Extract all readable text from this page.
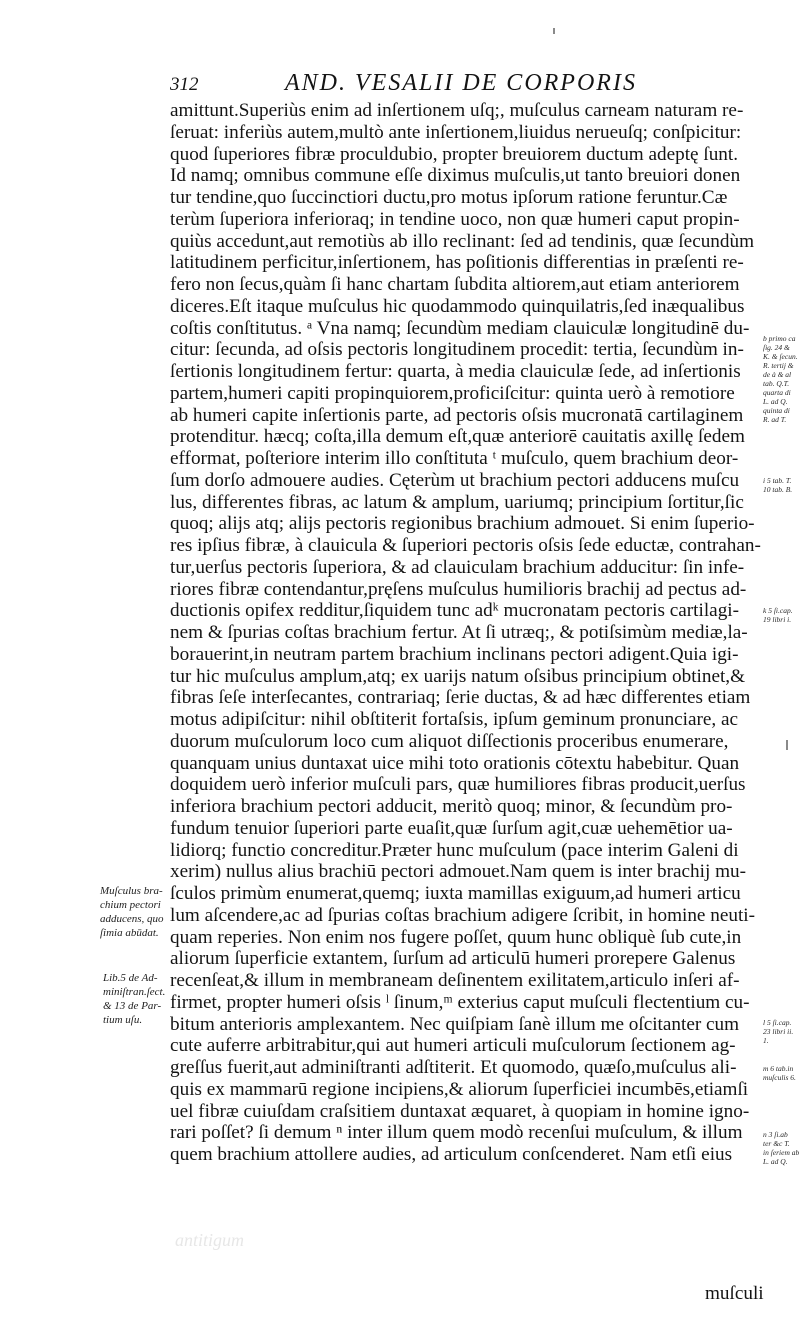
312	AND. VESALII DE CORPORIS
amittunt.Superiùs enim ad inſertionem uſq;, muſculus carneam naturam re-
ſeruat: inferiùs autem,multò ante inſertionem,liuidus nerueuſq; conſpicitur:
quod ſuperiores fibræ proculdubio, propter breuiorem ductum adeptę ſunt.
Id namq; omnibus commune eſſe diximus muſculis,ut tanto breuiori donen
tur tendine,quo ſuccinctiori ductu,pro motus ipſorum ratione feruntur.Cæ
terùm ſuperiora inferioraq; in tendine uoco, non quæ humeri caput propin-
quiùs accedunt,aut remotiùs ab illo reclinant: ſed ad tendinis, quæ ſecundùm
latitudinem perficitur,inſertionem, has poſitionis differentias in præſenti re-
fero non ſecus,quàm ſi hanc chartam ſubdita altiorem,aut etiam anteriorem
diceres.Eſt itaque muſculus hic quodammodo quinquilatris,ſed inæqualibus
coſtis conſtitutus. ᵃ Vna namq; ſecundùm mediam clauiculæ longitudinē du-
citur: ſecunda, ad oſsis pectoris longitudinem procedit: tertia, ſecundùm in-
ſertionis longitudinem fertur: quarta, à media clauiculæ ſede, ad inſertionis
partem,humeri capiti propinquiorem,proficiſcitur: quinta uerò à remotiore
ab humeri capite inſertionis parte, ad pectoris oſsis mucronatā cartilaginem
protenditur. hæcq; coſta,illa demum eſt,quæ anteriorē cauitatis axillę ſedem
efformat, poſteriore interim illo conſtituta ᵗ muſculo, quem brachium deor-
ſum dorſo admouere audies. Cęterùm ut brachium pectori adducens muſcu
lus, differentes fibras, ac latum & amplum, uariumq; principium ſortitur,ſic
quoq; alijs atq; alijs pectoris regionibus brachium admouet. Si enim ſuperio-
res ipſius fibræ, à clauicula & ſuperiori pectoris oſsis ſede eductæ, contrahan-
tur,uerſus pectoris ſuperiora, & ad clauiculam brachium adducitur: ſin infe-
riores fibræ contendantur,pręſens muſculus humilioris brachij ad pectus ad-
ductionis opifex redditur,ſiquidem tunc adᵏ mucronatam pectoris cartilagi-
nem & ſpurias coſtas brachium fertur. At ſi utræq;, & potiſsimùm mediæ,la-
borauerint,in neutram partem brachium inclinans pectori adigent.Quia igi-
tur hic muſculus amplum,atq; ex uarijs natum oſsibus principium obtinet,&
fibras ſeſe interſecantes, contrariaq; ſerie ductas, & ad hæc differentes etiam
motus adipiſcitur: nihil obſtiterit fortaſsis, ipſum geminum pronunciare, ac
duorum muſculorum loco cum aliquot diſſectionis proceribus enumerare,
quanquam unius duntaxat uice mihi toto orationis cōtextu habebitur. Quan
doquidem uerò inferior muſculi pars, quæ humiliores fibras producit,uerſus
inferiora brachium pectori adducit, meritò quoq; minor, & ſecundùm pro-
fundum tenuior ſuperiori parte euaſit,quæ ſurſum agit,cuæ uehemētior ua-
lidiorq; functio concreditur.Præter hunc muſculum (pace interim Galeni di
xerim) nullus alius brachiū pectori admouet.Nam quem is inter brachij mu-
ſculos primùm enumerat,quemq; iuxta mamillas exiguum,ad humeri articu
lum aſcendere,ac ad ſpurias coſtas brachium adigere ſcribit, in homine neuti-
quam reperies. Non enim nos fugere poſſet, quum hunc obliquè ſub cute,in
aliorum ſuperficie extantem, ſurſum ad articulū humeri prorepere Galenus
recenſeat,& illum in membraneam deſinentem exilitatem,articulo inſeri af-
firmet, propter humeri oſsis ˡ ſinum,ᵐ exterius caput muſculi flectentium cu-
bitum anterioris amplexantem. Nec quiſpiam ſanè illum me oſcitanter cum
cute auferre arbitrabitur,qui aut humeri articuli muſculorum ſectionem ag-
greſſus fuerit,aut adminiſtranti adſtiterit. Et quomodo, quæſo,muſculus ali-
quis ex mammarū regione incipiens,& aliorum ſuperficiei incumbēs,etiamſi
uel fibræ cuiuſdam craſsitiem duntaxat æquaret, à quopiam in homine igno-
rari poſſet? ſi demum ⁿ inter illum quem modò recenſui muſculum, & illum
quem brachium attollere audies, ad articulum conſcenderet. Nam etſi eius
Muſculus bra-
chium pectori
adducens, quo
ſimia abūdat.
Lib.5 de Ad-
miniſtran.ſect.
& 13 de Par-
tium uſu.
b primo ca
ſig. 24 &
K. & ſecun.
R. tertij &
de à & al
tab. Q.T.
quarta di
L. ad Q.
quinta di
R. ad T.
i 5 tab. T.
10 tab. B.
k 5 ſi.cap.
19 libri i.
l 5 ſi.cap.
23 libri ii.
1.
m 6 tab.in
muſculis 6.
n 3 ſi.ab
ter &c T.
in ſeriem ab
L. ad Q.
antitigum
muſculi
